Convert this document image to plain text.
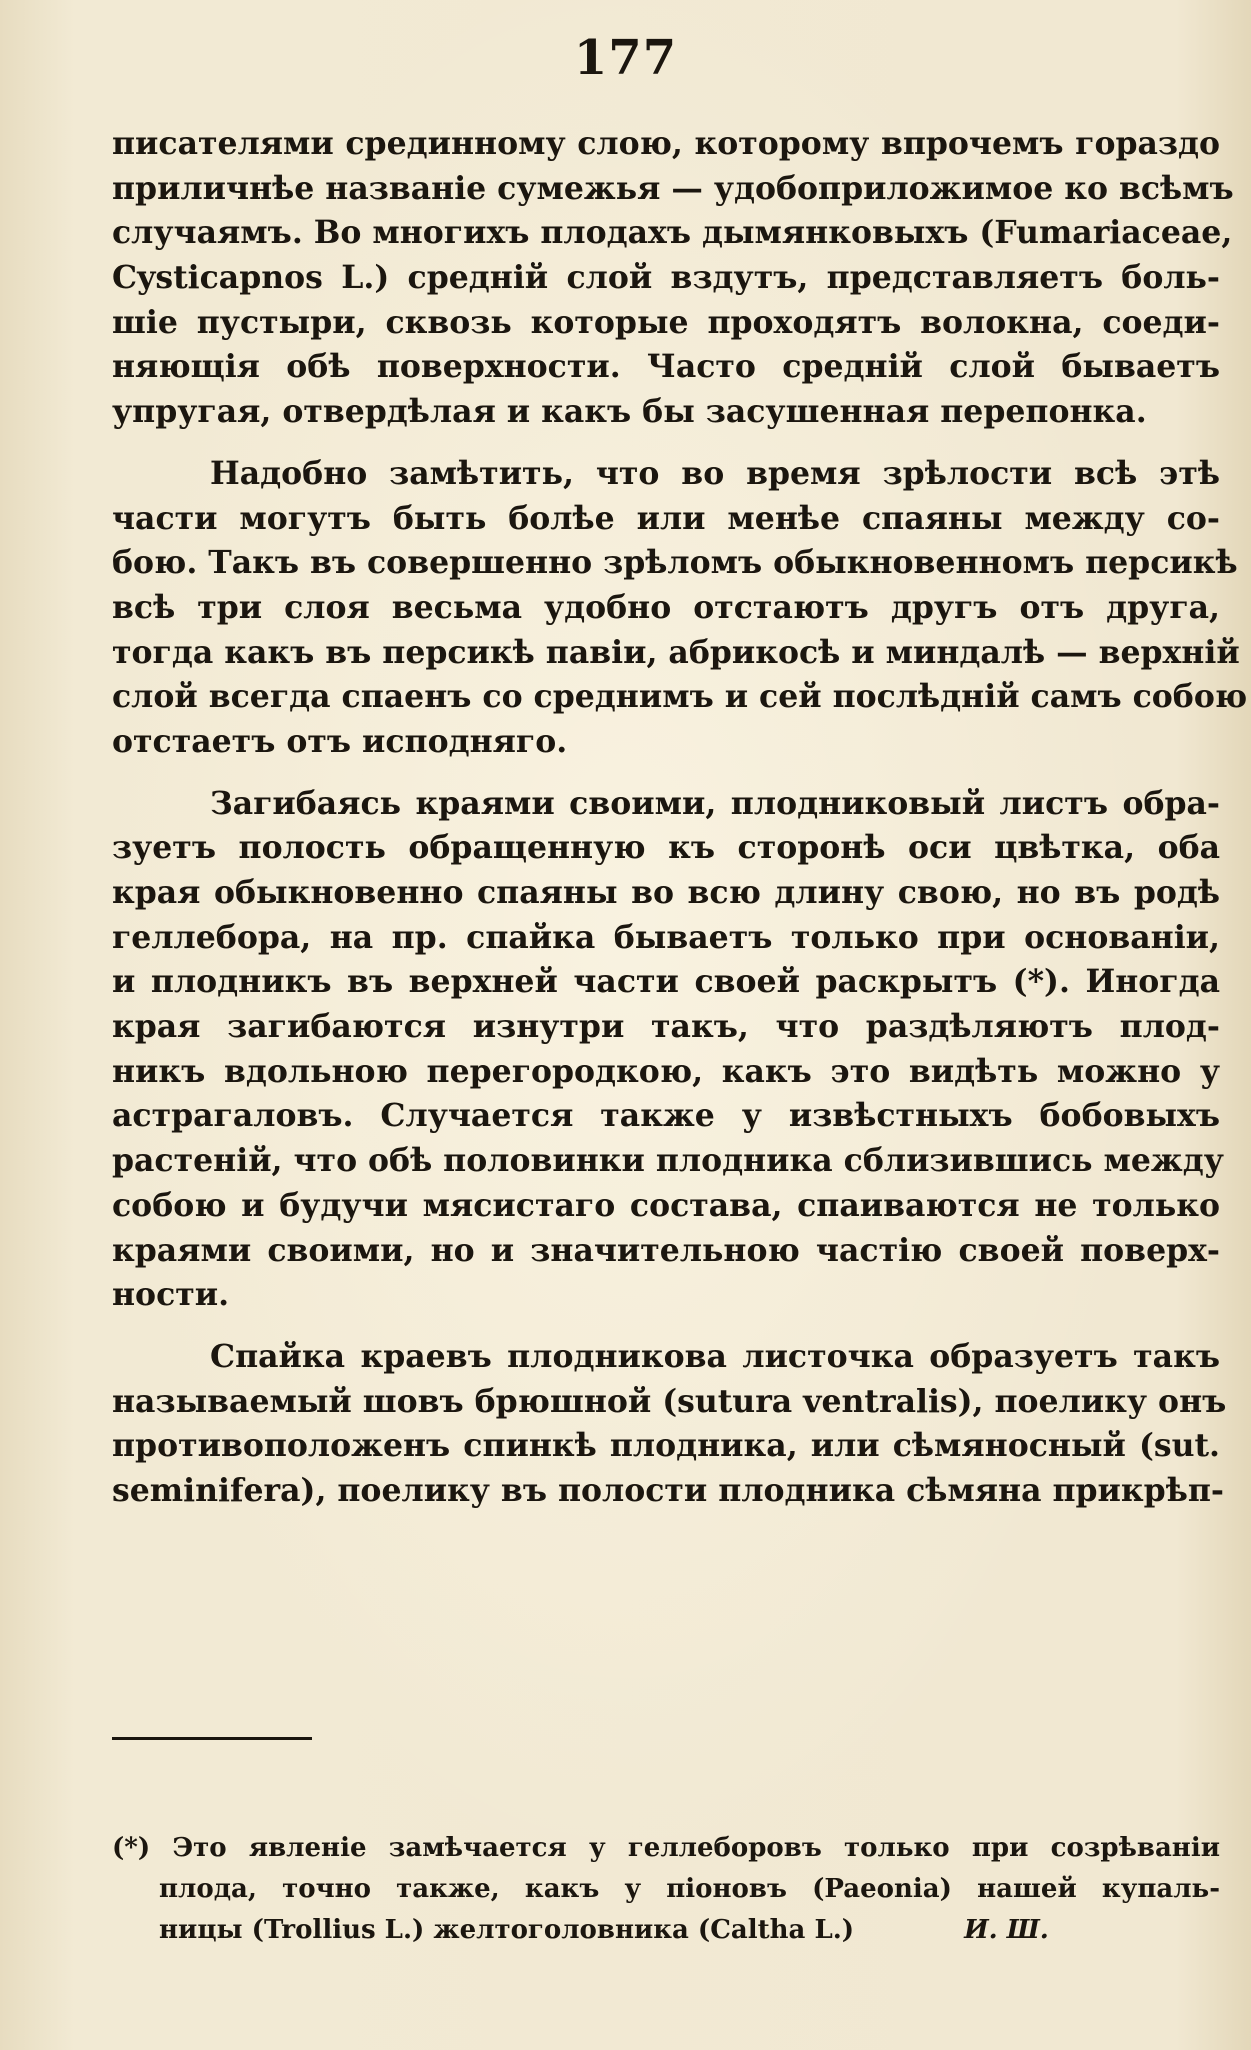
177
писателями срединному слою, которому впрочемъ гораздо
приличнѣе названіе сумежья — удобоприложимое ко всѣмъ
случаямъ. Во многихъ плодахъ дымянковыхъ (Fumariaceae,
Cysticapnos L.) средній слой вздутъ, представляетъ боль-
шіе пустыри, сквозь которые проходятъ волокна, соеди-
няющія обѣ поверхности. Часто средній слой бываетъ
упругая, отвердѣлая и какъ бы засушенная перепонка.
Надобно замѣтить, что во время зрѣлости всѣ этѣ
части могутъ быть болѣе или менѣе спаяны между со-
бою. Такъ въ совершенно зрѣломъ обыкновенномъ персикѣ
всѣ три слоя весьма удобно отстаютъ другъ отъ друга,
тогда какъ въ персикѣ павіи, абрикосѣ и миндалѣ — верхній
слой всегда спаенъ со среднимъ и сей послѣдній самъ собою
отстаетъ отъ исподняго.
Загибаясь краями своими, плодниковый листъ обра-
зуетъ полость обращенную къ сторонѣ оси цвѣтка, оба
края обыкновенно спаяны во всю длину свою, но въ родѣ
геллебора, на пр. спайка бываетъ только при основаніи,
и плодникъ въ верхней части своей раскрытъ (*). Иногда
края загибаются изнутри такъ, что раздѣляютъ плод-
никъ вдольною перегородкою, какъ это видѣть можно у
астрагаловъ. Случается также у извѣстныхъ бобовыхъ
растеній, что обѣ половинки плодника сблизившись между
собою и будучи мясистаго состава, спаиваются не только
краями своими, но и значительною частію своей поверх-
ности.
Спайка краевъ плодникова листочка образуетъ такъ
называемый шовъ брюшной (sutura ventralis), поелику онъ
противоположенъ спинкѣ плодника, или сѣмяносный (sut.
seminifera), поелику въ полости плодника сѣмяна прикрѣп-
(*) Это явленіе замѣчается у геллеборовъ только при созрѣваніи
плода, точно также, какъ у піоновъ (Paeonia) нашей купаль-
ницы (Trollius L.) желтоголовника (Caltha L.)	И. Ш.
